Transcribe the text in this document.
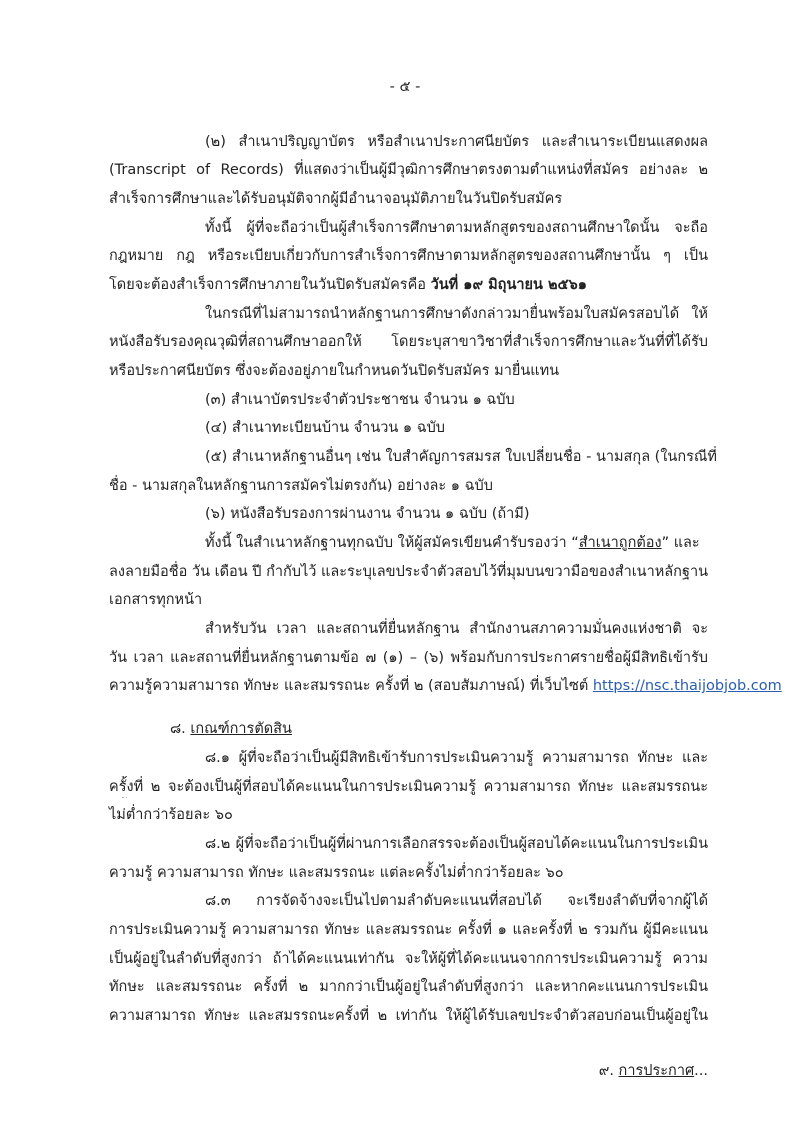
- ๕ -
(๒) สำเนาปริญญาบัตร หรือสำเนาประกาศนียบัตร และสำเนาระเบียนแสดงผล
(Transcript of Records) ที่แสดงว่าเป็นผู้มีวุฒิการศึกษาตรงตามตำแหน่งที่สมัคร อย่างละ ๒
สำเร็จการศึกษาและได้รับอนุมัติจากผู้มีอำนาจอนุมัติภายในวันปิดรับสมัคร
ทั้งนี้ ผู้ที่จะถือว่าเป็นผู้สำเร็จการศึกษาตามหลักสูตรของสถานศึกษาใดนั้น จะถือ
กฎหมาย กฎ หรือระเบียบเกี่ยวกับการสำเร็จการศึกษาตามหลักสูตรของสถานศึกษานั้น ๆ เป็น
โดยจะต้องสำเร็จการศึกษาภายในวันปิดรับสมัครคือ วันที่ ๑๙ มิถุนายน ๒๕๖๑
ในกรณีที่ไม่สามารถนำหลักฐานการศึกษาดังกล่าวมายื่นพร้อมใบสมัครสอบได้ ให้
หนังสือรับรองคุณวุฒิที่สถานศึกษาออกให้ โดยระบุสาขาวิชาที่สำเร็จการศึกษาและวันที่ที่ได้รับ
หรือประกาศนียบัตร ซึ่งจะต้องอยู่ภายในกำหนดวันปิดรับสมัคร มายื่นแทน
(๓) สำเนาบัตรประจำตัวประชาชน จำนวน ๑ ฉบับ
(๔) สำเนาทะเบียนบ้าน จำนวน ๑ ฉบับ
(๕) สำเนาหลักฐานอื่นๆ เช่น ใบสำคัญการสมรส ใบเปลี่ยนชื่อ - นามสกุล (ในกรณีที่
ชื่อ - นามสกุลในหลักฐานการสมัครไม่ตรงกัน) อย่างละ ๑ ฉบับ
(๖) หนังสือรับรองการผ่านงาน จำนวน ๑ ฉบับ (ถ้ามี)
ทั้งนี้ ในสำเนาหลักฐานทุกฉบับ ให้ผู้สมัครเขียนคำรับรองว่า “สำเนาถูกต้อง” และ
ลงลายมือชื่อ วัน เดือน ปี กำกับไว้ และระบุเลขประจำตัวสอบไว้ที่มุมบนขวามือของสำเนาหลักฐาน
เอกสารทุกหน้า
สำหรับวัน เวลา และสถานที่ยื่นหลักฐาน สำนักงานสภาความมั่นคงแห่งชาติ จะ
วัน เวลา และสถานที่ยื่นหลักฐานตามข้อ ๗ (๑) – (๖) พร้อมกับการประกาศรายชื่อผู้มีสิทธิเข้ารับ
ความรู้ความสามารถ ทักษะ และสมรรถนะ ครั้งที่ ๒ (สอบสัมภาษณ์) ที่เว็บไซต์ https://nsc.thaijobjob.com
๘. เกณฑ์การตัดสิน
๘.๑ ผู้ที่จะถือว่าเป็นผู้มีสิทธิเข้ารับการประเมินความรู้ ความสามารถ ทักษะ และ
ครั้งที่ ๒ จะต้องเป็นผู้ที่สอบได้คะแนนในการประเมินความรู้ ความสามารถ ทักษะ และสมรรถนะ
ไม่ต่ำกว่าร้อยละ ๖๐
๘.๒ ผู้ที่จะถือว่าเป็นผู้ที่ผ่านการเลือกสรรจะต้องเป็นผู้สอบได้คะแนนในการประเมิน
ความรู้ ความสามารถ ทักษะ และสมรรถนะ แต่ละครั้งไม่ต่ำกว่าร้อยละ ๖๐
๘.๓ การจัดจ้างจะเป็นไปตามลำดับคะแนนที่สอบได้ จะเรียงลำดับที่จากผู้ได้
การประเมินความรู้ ความสามารถ ทักษะ และสมรรถนะ ครั้งที่ ๑ และครั้งที่ ๒ รวมกัน ผู้มีคะแนน
เป็นผู้อยู่ในลำดับที่สูงกว่า ถ้าได้คะแนนเท่ากัน จะให้ผู้ที่ได้คะแนนจากการประเมินความรู้ ความ
ทักษะ และสมรรถนะ ครั้งที่ ๒ มากกว่าเป็นผู้อยู่ในลำดับที่สูงกว่า และหากคะแนนการประเมิน
ความสามารถ ทักษะ และสมรรถนะครั้งที่ ๒ เท่ากัน ให้ผู้ได้รับเลขประจำตัวสอบก่อนเป็นผู้อยู่ใน
๙. การประกาศ...
